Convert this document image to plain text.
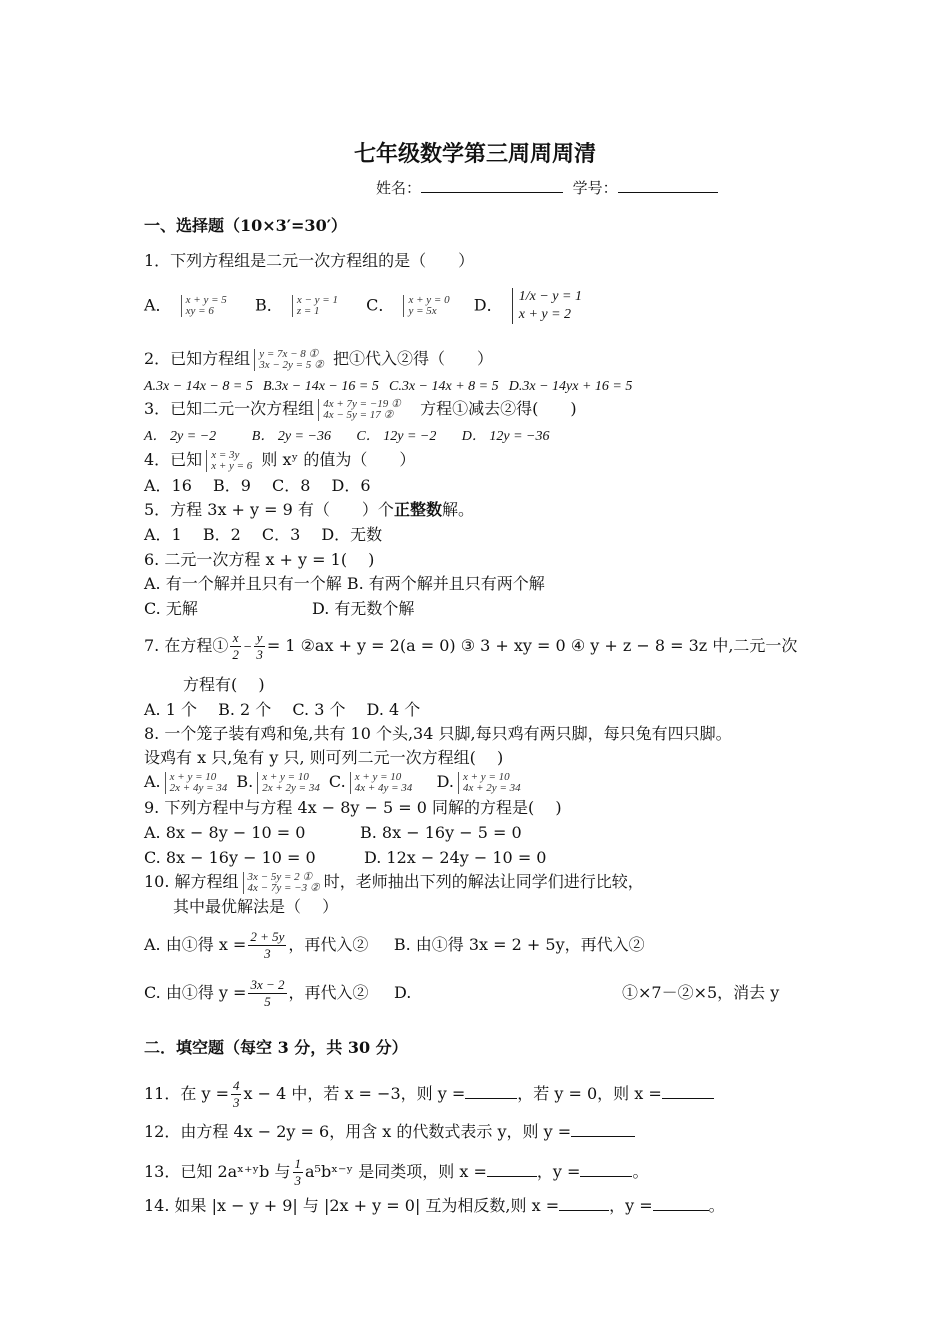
七年级数学第三周周周清
姓名：	学号：
一、选择题（10×3′=30′）
1．下列方程组是二元一次方程组的是（　　）
A． x + y = 5
xy = 6	B． x − y = 1
z = 1	C． x + y = 0
y = 5x D． 1/x − y = 1
x + y = 2
2．已知方程组 y = 7x − 8 ①
3x − 2y = 5 ② 把①代入②得（　　）
A.3x − 14x − 8 = 5 B.3x − 14x − 16 = 5 C.3x − 14x + 8 = 5 D.3x − 14yx + 16 = 5
3．已知二元一次方程组 4x + 7y = −19 ①
4x − 5y = 17 ② 方程①减去②得(　　)
A． 2y = −2	B． 2y = −36 C． 12y = −2 D． 12y = −36
4．已知 x = 3y
x + y = 6 则 xʸ 的值为（　　）
A．16　 B．9　 C．8　 D．6
5．方程 3x + y = 9 有（　　）个正整数解。
A．1　 B．2　 C．3　 D．无数
6. 二元一次方程 x + y = 1(　 )
A. 有一个解并且只有一个解 B. 有两个解并且只有两个解
C. 无解	D. 有无数个解
7. 在方程① $\frac{x}{2} - \frac{y}{3} = 1$ ②ax + y = 2(a = 0) ③ 3 + xy = 0 ④ y + z − 8 = 3z 中,二元一次
方程有(　 )
A. 1 个　 B. 2 个　 C. 3 个　 D. 4 个
8. 一个笼子装有鸡和兔,共有 10 个头,34 只脚,每只鸡有两只脚，每只兔有四只脚。
设鸡有 x 只,兔有 y 只, 则可列二元一次方程组(　 )
A. x + y = 10
2x + 4y = 34 B. x + y = 10
2x + 2y = 34 C. x + y = 10
4x + 4y = 34 D. x + y = 10
4x + 2y = 34
9. 下列方程中与方程 4x − 8y − 5 = 0 同解的方程是(　 )
A. 8x − 8y − 10 = 0	B. 8x − 16y − 5 = 0
C. 8x − 16y − 10 = 0	D. 12x − 24y − 10 = 0
10. 解方程组 3x − 5y = 2 ①
4x − 7y = −3 ② 时，老师抽出下列的解法让同学们进行比较，
其中最优解法是（　 ）
A. 由①得 $x = \frac{2 + 5y}{3}$ ，再代入② B. 由①得 3x = 2 + 5y，再代入②
C. 由①得 $y = \frac{3x - 2}{5}$ ，再代入② D.	①×7－②×5，消去 y
二．填空题（每空 3 分，共 30 分）
11．在 $y = \frac{4}{3}$ x − 4 中，若 x = −3，则 y =	，若 y = 0，则 x =
12．由方程 4x − 2y = 6，用含 x 的代数式表示 y，则 y =
13．已知 2aˣ⁺ʸb 与 $\frac{1}{3}$ a⁵bˣ⁻ʸ 是同类项，则 x =	，y =	。
14. 如果 |x − y + 9| 与 |2x + y = 0| 互为相反数,则 x =	，y =	。
